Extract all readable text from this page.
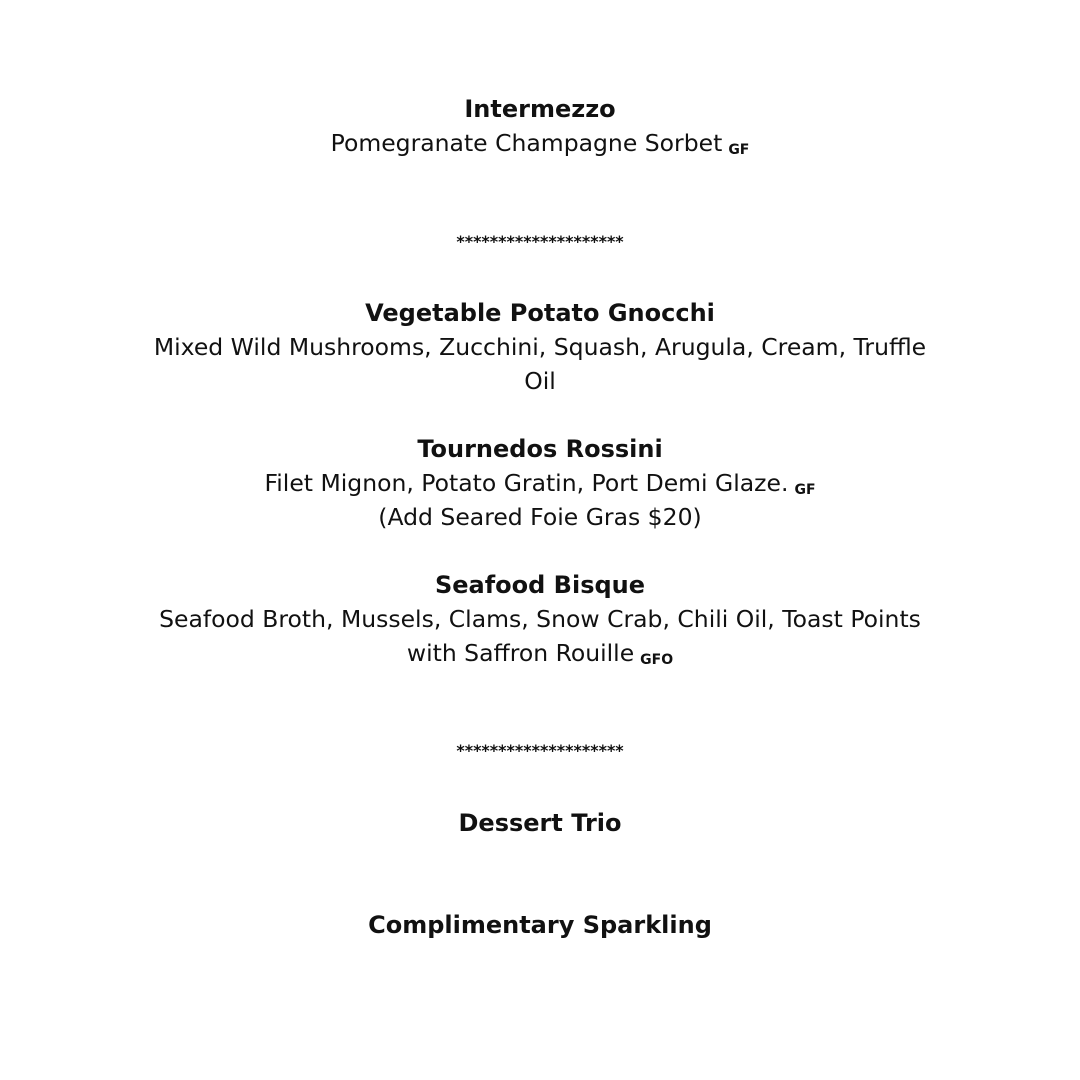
Intermezzo
Pomegranate Champagne Sorbet GF
********************
Vegetable Potato Gnocchi
Mixed Wild Mushrooms, Zucchini, Squash, Arugula, Cream, Truffle
Oil
Tournedos Rossini
Filet Mignon, Potato Gratin, Port Demi Glaze. GF
(Add Seared Foie Gras $20)
Seafood Bisque
Seafood Broth, Mussels, Clams, Snow Crab, Chili Oil, Toast Points
with Saffron Rouille GFO
********************
Dessert Trio
Complimentary Sparkling
